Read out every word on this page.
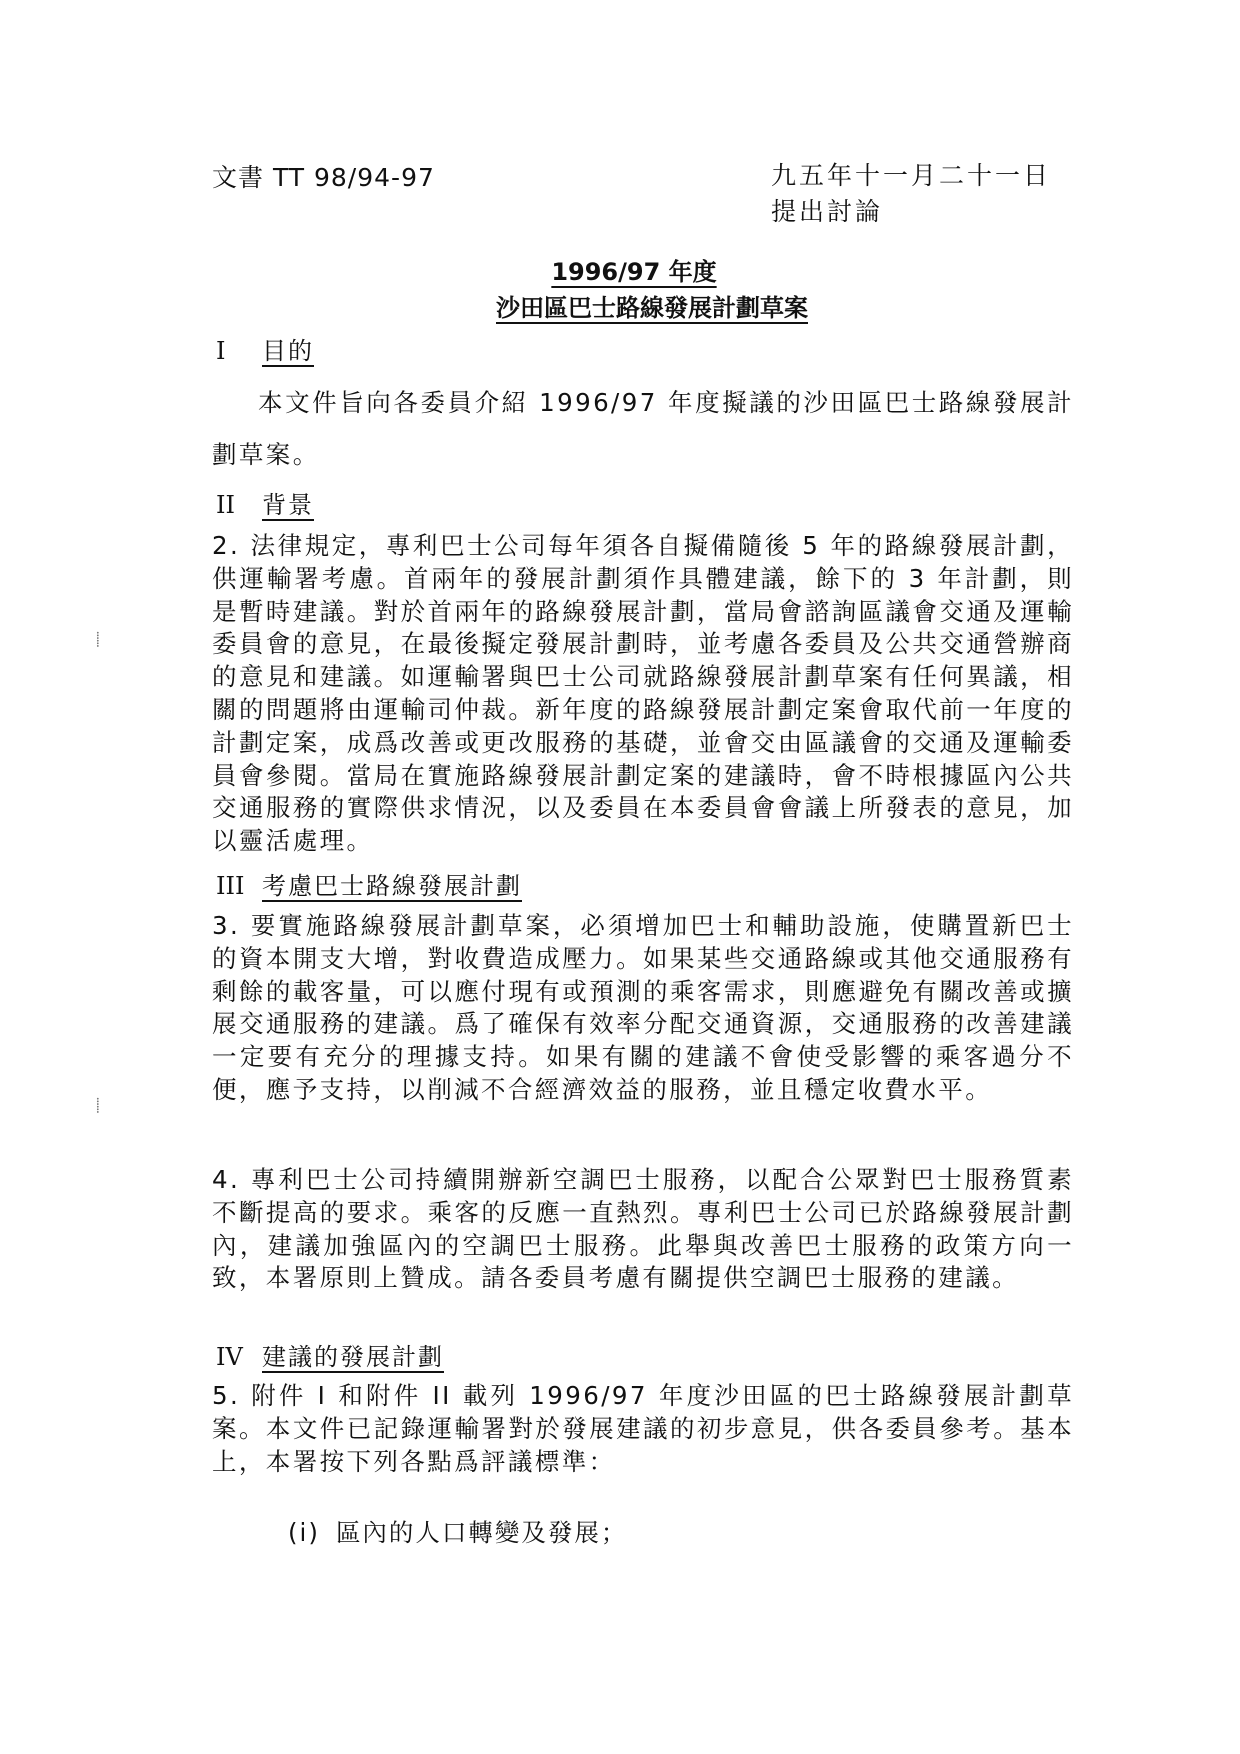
文書 TT 98/94-97	九五年十一月二十一日
提出討論
1996/97 年度
沙田區巴士路線發展計劃草案
I 目的
本文件旨向各委員介紹 1996/97 年度擬議的沙田區巴士路線發展計劃草案。
II 背景
2. 法律規定，專利巴士公司每年須各自擬備隨後 5 年的路線發展計劃，供運輸署考慮。首兩年的發展計劃須作具體建議，餘下的 3 年計劃，則是暫時建議。對於首兩年的路線發展計劃，當局會諮詢區議會交通及運輸委員會的意見，在最後擬定發展計劃時，並考慮各委員及公共交通營辦商的意見和建議。如運輸署與巴士公司就路線發展計劃草案有任何異議，相關的問題將由運輸司仲裁。新年度的路線發展計劃定案會取代前一年度的計劃定案，成爲改善或更改服務的基礎，並會交由區議會的交通及運輸委員會參閱。當局在實施路線發展計劃定案的建議時，會不時根據區內公共交通服務的實際供求情況，以及委員在本委員會會議上所發表的意見，加以靈活處理。
III 考慮巴士路線發展計劃
3. 要實施路線發展計劃草案，必須增加巴士和輔助設施，使購置新巴士的資本開支大增，對收費造成壓力。如果某些交通路線或其他交通服務有剩餘的載客量，可以應付現有或預測的乘客需求，則應避免有關改善或擴展交通服務的建議。爲了確保有效率分配交通資源，交通服務的改善建議一定要有充分的理據支持。如果有關的建議不會使受影響的乘客過分不便，應予支持，以削減不合經濟效益的服務，並且穩定收費水平。
4. 專利巴士公司持續開辦新空調巴士服務，以配合公眾對巴士服務質素不斷提高的要求。乘客的反應一直熱烈。專利巴士公司已於路線發展計劃內，建議加強區內的空調巴士服務。此舉與改善巴士服務的政策方向一致，本署原則上贊成。請各委員考慮有關提供空調巴士服務的建議。
IV 建議的發展計劃
5. 附件 I 和附件 II 載列 1996/97 年度沙田區的巴士路線發展計劃草案。本文件已記錄運輸署對於發展建議的初步意見，供各委員參考。基本上，本署按下列各點爲評議標準：
(i) 區內的人口轉變及發展；
⸽
⸽
